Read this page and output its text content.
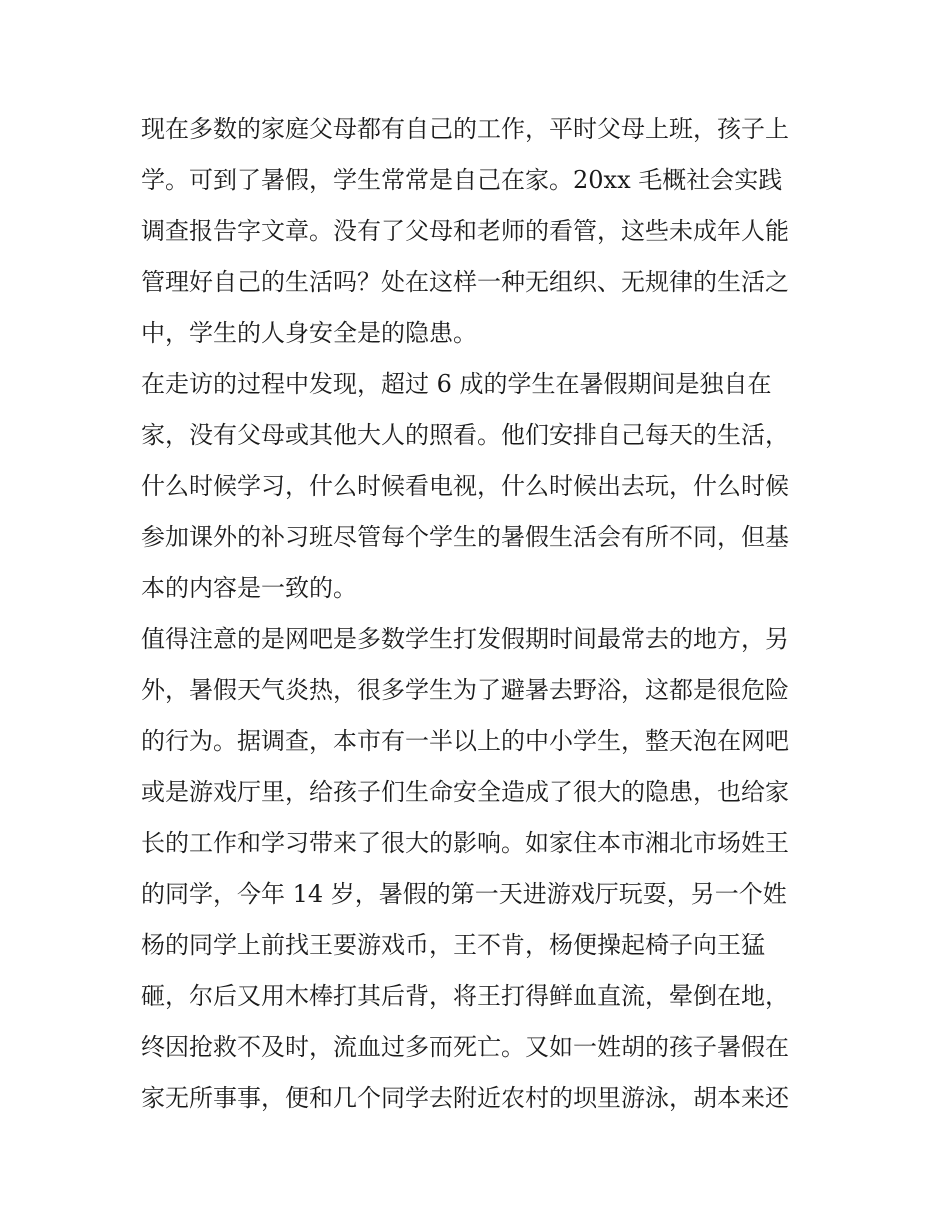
现在多数的家庭父母都有自己的工作，平时父母上班，孩子上
学。可到了暑假，学生常常是自己在家。20xx 毛概社会实践
调查报告字文章。没有了父母和老师的看管，这些未成年人能
管理好自己的生活吗？处在这样一种无组织、无规律的生活之
中，学生的人身安全是的隐患。
在走访的过程中发现，超过 6 成的学生在暑假期间是独自在
家，没有父母或其他大人的照看。他们安排自己每天的生活，
什么时候学习，什么时候看电视，什么时候出去玩，什么时候
参加课外的补习班尽管每个学生的暑假生活会有所不同，但基
本的内容是一致的。
值得注意的是网吧是多数学生打发假期时间最常去的地方，另
外，暑假天气炎热，很多学生为了避暑去野浴，这都是很危险
的行为。据调查，本市有一半以上的中小学生，整天泡在网吧
或是游戏厅里，给孩子们生命安全造成了很大的隐患，也给家
长的工作和学习带来了很大的影响。如家住本市湘北市场姓王
的同学，今年 14 岁，暑假的第一天进游戏厅玩耍，另一个姓
杨的同学上前找王要游戏币，王不肯，杨便操起椅子向王猛
砸，尔后又用木棒打其后背，将王打得鲜血直流，晕倒在地，
终因抢救不及时，流血过多而死亡。又如一姓胡的孩子暑假在
家无所事事，便和几个同学去附近农村的坝里游泳，胡本来还
